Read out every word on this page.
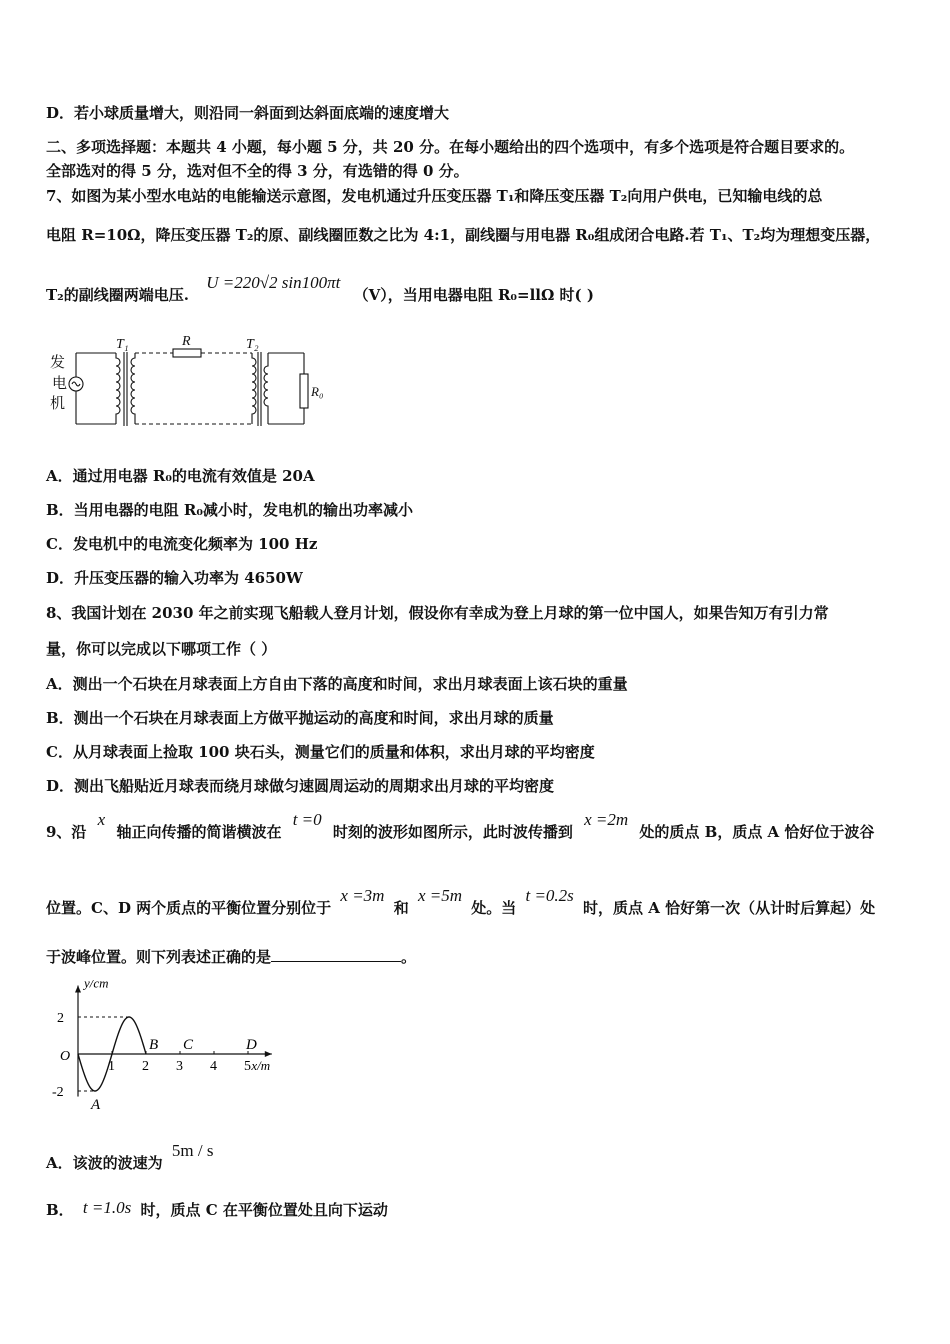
D．若小球质量增大，则沿同一斜面到达斜面底端的速度增大
二、多项选择题：本题共 4 小题，每小题 5 分，共 20 分。在每小题给出的四个选项中，有多个选项是符合题目要求的。
全部选对的得 5 分，选对但不全的得 3 分，有选错的得 0 分。
7、如图为某小型水电站的电能输送示意图，发电机通过升压变压器 T₁和降压变压器 T₂向用户供电，已知输电线的总
电阻 R=10Ω，降压变压器 T₂的原、副线圈匝数之比为 4:1，副线圈与用电器 R₀组成闭合电路.若 T₁、T₂均为理想变压器，
T₂的副线圈两端电压. U =220√2 sin100πt （V），当用电器电阻 R₀=llΩ 时( )
发
电
机
T₁	R	T₂
R₀
A．通过用电器 R₀的电流有效值是 20A
B．当用电器的电阻 R₀减小时，发电机的输出功率减小
C．发电机中的电流变化频率为 100 Hz
D．升压变压器的输入功率为 4650W
8、我国计划在 2030 年之前实现飞船载人登月计划，假设你有幸成为登上月球的第一位中国人，如果告知万有引力常
量，你可以完成以下哪项工作（ ）
A．测出一个石块在月球表面上方自由下落的高度和时间，求出月球表面上该石块的重量
B．测出一个石块在月球表面上方做平抛运动的高度和时间，求出月球的质量
C．从月球表面上捡取 100 块石头，测量它们的质量和体积，求出月球的平均密度
D．测出飞船贴近月球表而绕月球做匀速圆周运动的周期求出月球的平均密度
9、沿 x 轴正向传播的简谐横波在 t =0 时刻的波形如图所示，此时波传播到 x =2m 处的质点 B，质点 A 恰好位于波谷
位置。C、D 两个质点的平衡位置分别位于 x =3m 和 x =5m 处。当 t =0.2s 时，质点 A 恰好第一次（从计时后算起）处
于波峰位置。则下列表述正确的是	。
1 2 3 4 5
2
-2
O
y/cm
x/m
A
B C	D
A．该波的波速为 5m / s
B． t =1.0s 时，质点 C 在平衡位置处且向下运动
